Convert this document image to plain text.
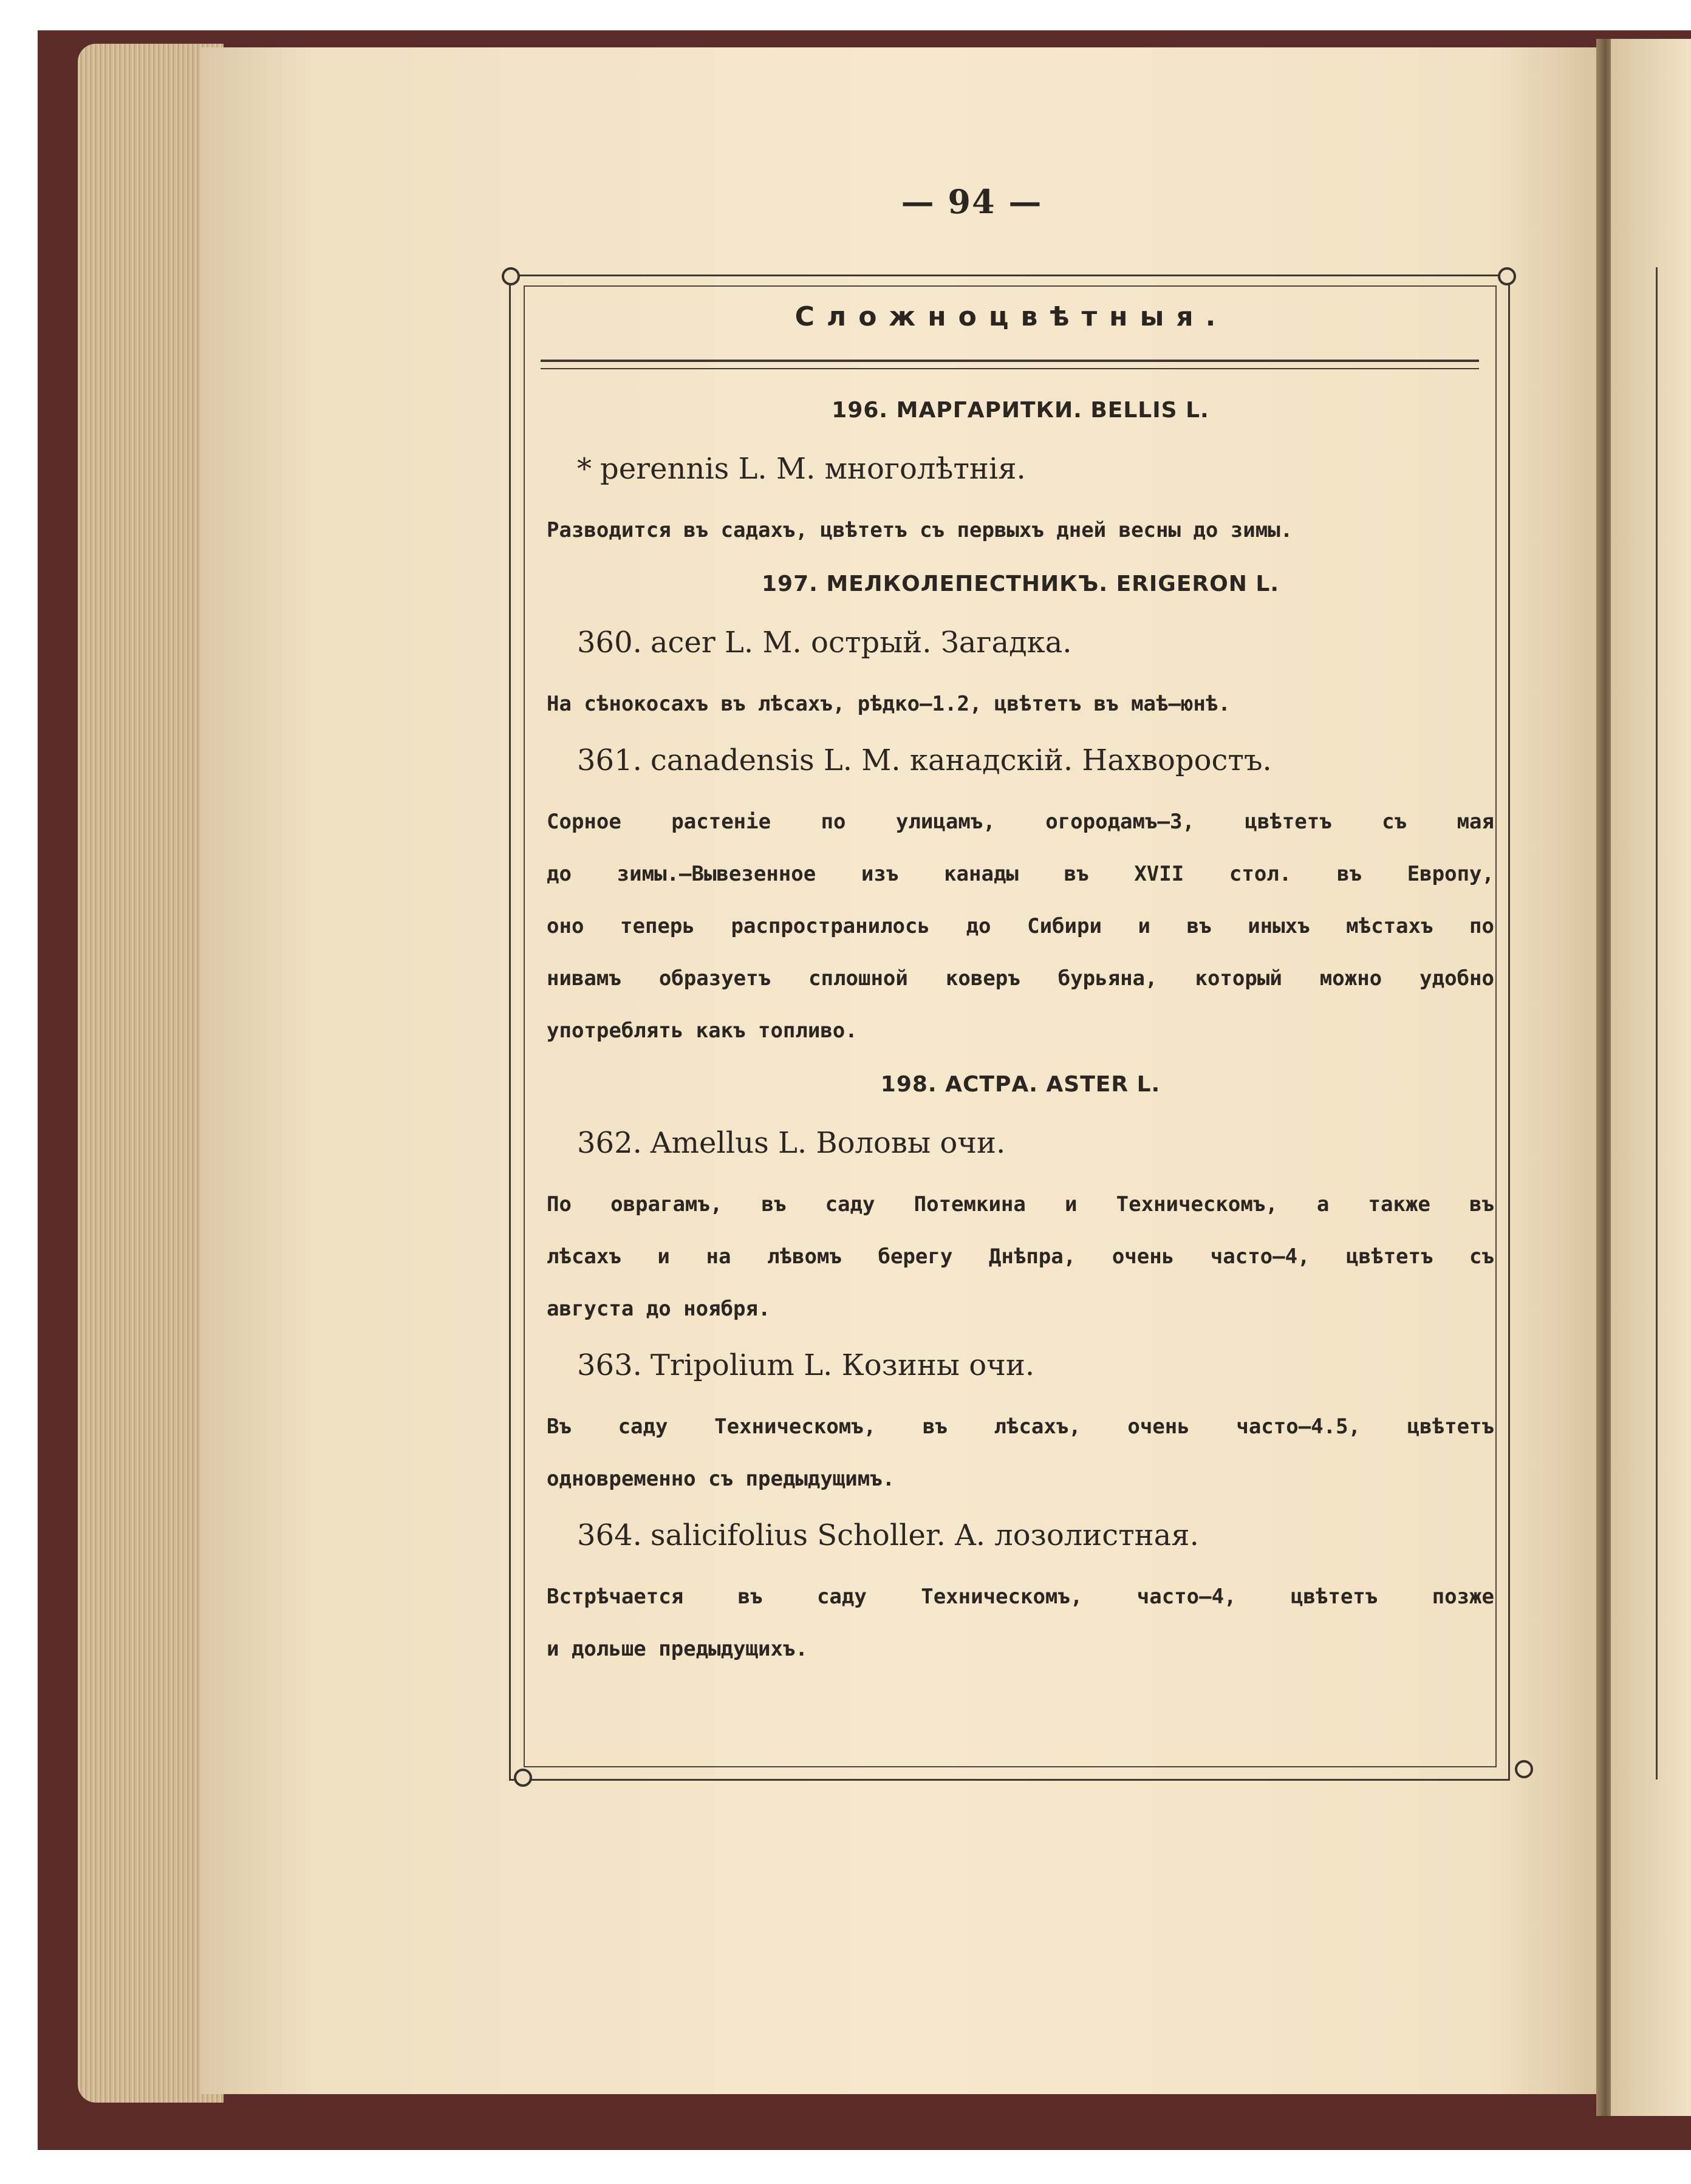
— 94 —
Сложноцвѣтныя.
196. МАРГАРИТКИ. BELLIS L.
* perennis L. M. многолѣтнія.

Разводится въ садахъ, цвѣтетъ съ первыхъ дней весны до зимы.

197. МЕЛКОЛЕПЕСТНИКЪ. ERIGERON L.
360. acer L. M. острый. Загадка.

На сѣнокосахъ въ лѣсахъ, рѣдко—1.2, цвѣтетъ въ маѣ—юнѣ.

361. canadensis L. M. канадскій. Нахворостъ.

Сорное растеніе по улицамъ, огородамъ—3, цвѣтетъ съ мая

до зимы.—Вывезенное изъ канады въ XVII стол. въ Европу,

оно теперь распространилось до Сибири и въ иныхъ мѣстахъ по

нивамъ образуетъ сплошной коверъ бурьяна, который можно удобно

употреблять какъ топливо.

198. АСТРА. ASTER L.
362. Amellus L. Воловы очи.

По оврагамъ, въ саду Потемкина и Техническомъ, а также въ

лѣсахъ и на лѣвомъ берегу Днѣпра, очень часто—4, цвѣтетъ съ

августа до ноября.

363. Tripolium L. Козины очи.

Въ саду Техническомъ, въ лѣсахъ, очень часто—4.5, цвѣтетъ

одновременно съ предыдущимъ.

364. salicifolius Scholler. A. лозолистная.

Встрѣчается въ саду Техническомъ, часто—4, цвѣтетъ позже

и дольше предыдущихъ.
